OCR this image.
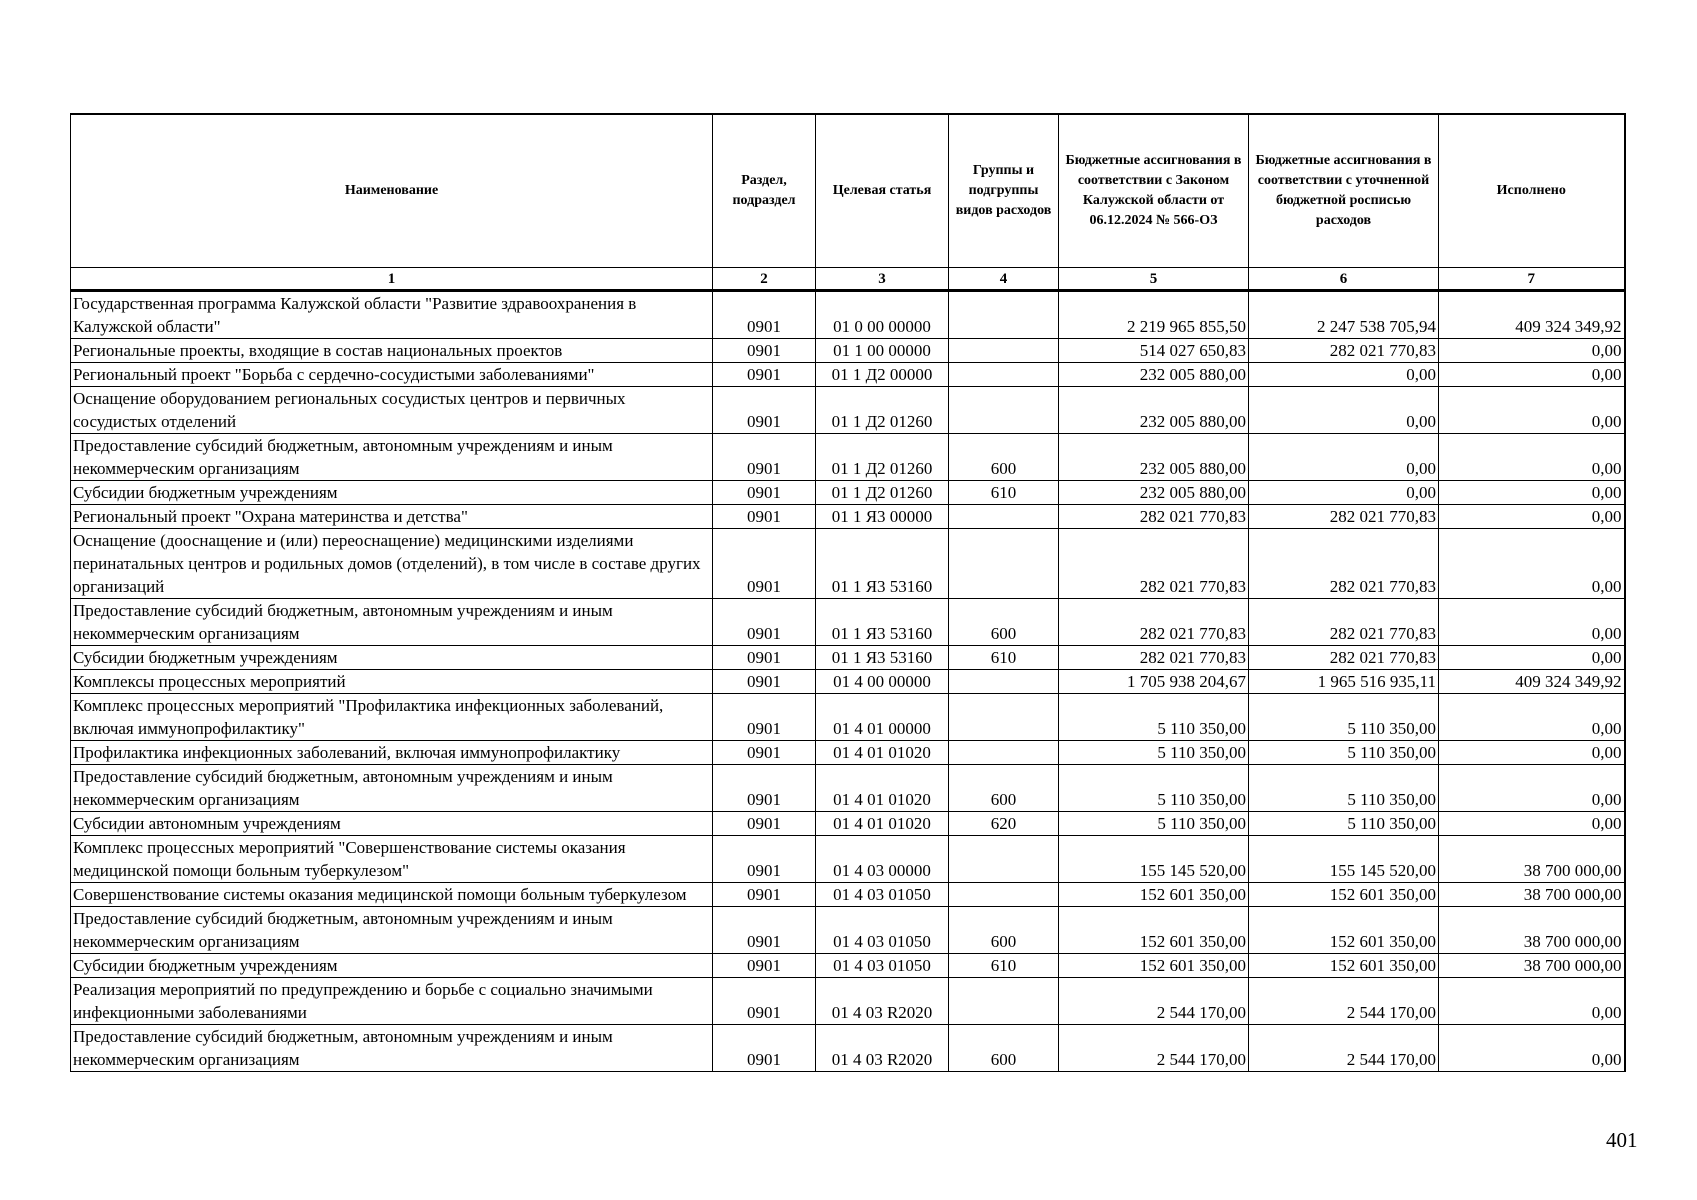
Наименование	Раздел, подраздел	Целевая статья	Группы и подгруппы видов расходов	Бюджетные ассигнования в соответствии с Законом Калужской области от 06.12.2024 № 566-ОЗ	Бюджетные ассигнования в соответствии с уточненной бюджетной росписью расходов	Исполнено
1	2	3	4	5	6	7
Государственная программа Калужской области "Развитие здравоохранения в Калужской области"	0901	01 0 00 00000		2 219 965 855,50	2 247 538 705,94	409 324 349,92
Региональные проекты, входящие в состав национальных проектов	0901	01 1 00 00000		514 027 650,83	282 021 770,83	0,00
Региональный проект "Борьба с сердечно-сосудистыми заболеваниями"	0901	01 1 Д2 00000		232 005 880,00	0,00	0,00
Оснащение оборудованием региональных сосудистых центров и первичных сосудистых отделений	0901	01 1 Д2 01260		232 005 880,00	0,00	0,00
Предоставление субсидий бюджетным, автономным учреждениям и иным некоммерческим организациям	0901	01 1 Д2 01260	600	232 005 880,00	0,00	0,00
Субсидии бюджетным учреждениям	0901	01 1 Д2 01260	610	232 005 880,00	0,00	0,00
Региональный проект "Охрана материнства и детства"	0901	01 1 Я3 00000		282 021 770,83	282 021 770,83	0,00
Оснащение (дооснащение и (или) переоснащение) медицинскими изделиями перинатальных центров и родильных домов (отделений), в том числе в составе других организаций	0901	01 1 Я3 53160		282 021 770,83	282 021 770,83	0,00
Предоставление субсидий бюджетным, автономным учреждениям и иным некоммерческим организациям	0901	01 1 Я3 53160	600	282 021 770,83	282 021 770,83	0,00
Субсидии бюджетным учреждениям	0901	01 1 Я3 53160	610	282 021 770,83	282 021 770,83	0,00
Комплексы процессных мероприятий	0901	01 4 00 00000		1 705 938 204,67	1 965 516 935,11	409 324 349,92
Комплекс процессных мероприятий "Профилактика инфекционных заболеваний, включая иммунопрофилактику"	0901	01 4 01 00000		5 110 350,00	5 110 350,00	0,00
Профилактика инфекционных заболеваний, включая иммунопрофилактику	0901	01 4 01 01020		5 110 350,00	5 110 350,00	0,00
Предоставление субсидий бюджетным, автономным учреждениям и иным некоммерческим организациям	0901	01 4 01 01020	600	5 110 350,00	5 110 350,00	0,00
Субсидии автономным учреждениям	0901	01 4 01 01020	620	5 110 350,00	5 110 350,00	0,00
Комплекс процессных мероприятий "Совершенствование системы оказания медицинской помощи больным туберкулезом"	0901	01 4 03 00000		155 145 520,00	155 145 520,00	38 700 000,00
Совершенствование системы оказания медицинской помощи больным туберкулезом	0901	01 4 03 01050		152 601 350,00	152 601 350,00	38 700 000,00
Предоставление субсидий бюджетным, автономным учреждениям и иным некоммерческим организациям	0901	01 4 03 01050	600	152 601 350,00	152 601 350,00	38 700 000,00
Субсидии бюджетным учреждениям	0901	01 4 03 01050	610	152 601 350,00	152 601 350,00	38 700 000,00
Реализация мероприятий по предупреждению и борьбе с социально значимыми инфекционными заболеваниями	0901	01 4 03 R2020		2 544 170,00	2 544 170,00	0,00
Предоставление субсидий бюджетным, автономным учреждениям и иным некоммерческим организациям	0901	01 4 03 R2020	600	2 544 170,00	2 544 170,00	0,00
401
